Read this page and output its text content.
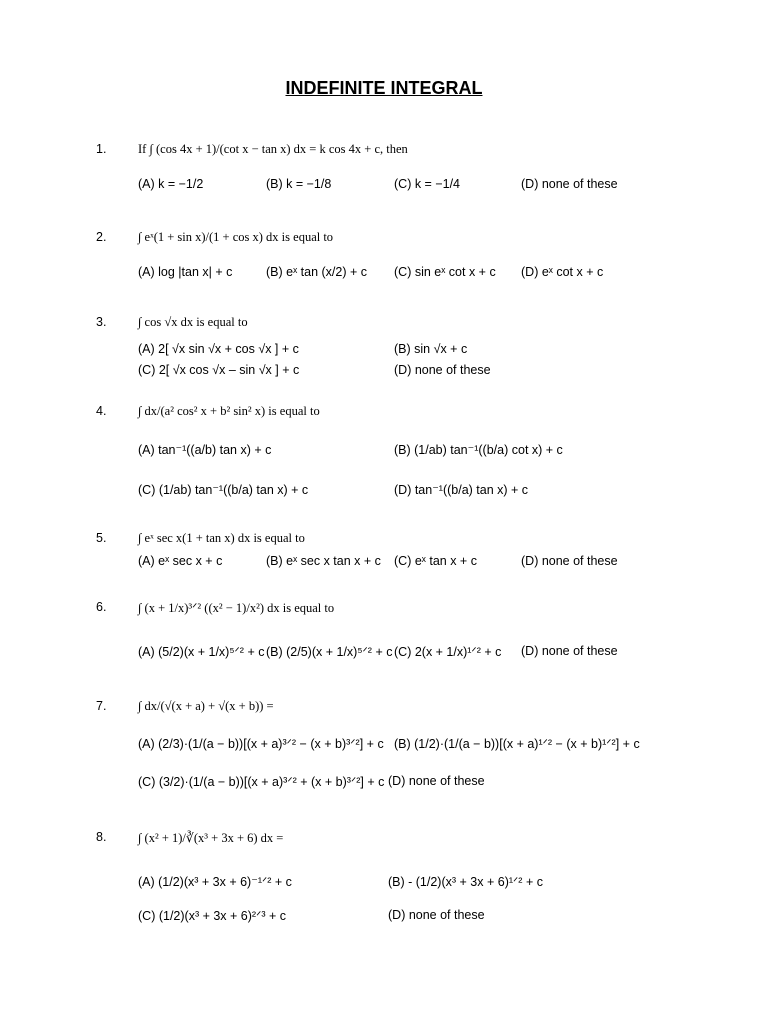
INDEFINITE INTEGRAL
1.	If ∫ (cos 4x + 1)/(cot x − tan x) dx = k cos 4x + c, then
(A) k = −1/2	(B) k = −1/8	(C) k = −1/4	(D) none of these
2.	∫ eˣ(1 + sin x)/(1 + cos x) dx is equal to
(A) log |tan x| + c	(B) eˣ tan (x/2) + c (C) sin eˣ cot x + c (D) eˣ cot x + c
3.	∫ cos √x dx is equal to
(A) 2[ √x sin √x + cos √x ] + c	(B) sin √x + c
(C) 2[ √x cos √x – sin √x ] + c	(D) none of these
4.	∫ dx/(a² cos² x + b² sin² x) is equal to
(A) tan⁻¹((a/b) tan x) + c	(B) (1/ab) tan⁻¹((b/a) cot x) + c
(C) (1/ab) tan⁻¹((b/a) tan x) + c	(D) tan⁻¹((b/a) tan x) + c
5.	∫ eˣ sec x(1 + tan x) dx is equal to
(A) eˣ sec x + c	(B) eˣ sec x tan x + c (C) eˣ tan x + c	(D) none of these
6.	∫ (x + 1/x)³ᐟ² ((x² − 1)/x²) dx is equal to
(A) (5/2)(x + 1/x)⁵ᐟ² + c (B) (2/5)(x + 1/x)⁵ᐟ² + c (C) 2(x + 1/x)¹ᐟ² + c (D) none of these
7.	∫ dx/(√(x + a) + √(x + b)) =
(A) (2/3)·(1/(a − b))[(x + a)³ᐟ² − (x + b)³ᐟ²] + c (B) (1/2)·(1/(a − b))[(x + a)¹ᐟ² − (x + b)¹ᐟ²] + c
(C) (3/2)·(1/(a − b))[(x + a)³ᐟ² + (x + b)³ᐟ²] + c (D) none of these
8.	∫ (x² + 1)/∛(x³ + 3x + 6) dx =
(A) (1/2)(x³ + 3x + 6)⁻¹ᐟ² + c	(B) - (1/2)(x³ + 3x + 6)¹ᐟ² + c
(C) (1/2)(x³ + 3x + 6)²ᐟ³ + c	(D) none of these
